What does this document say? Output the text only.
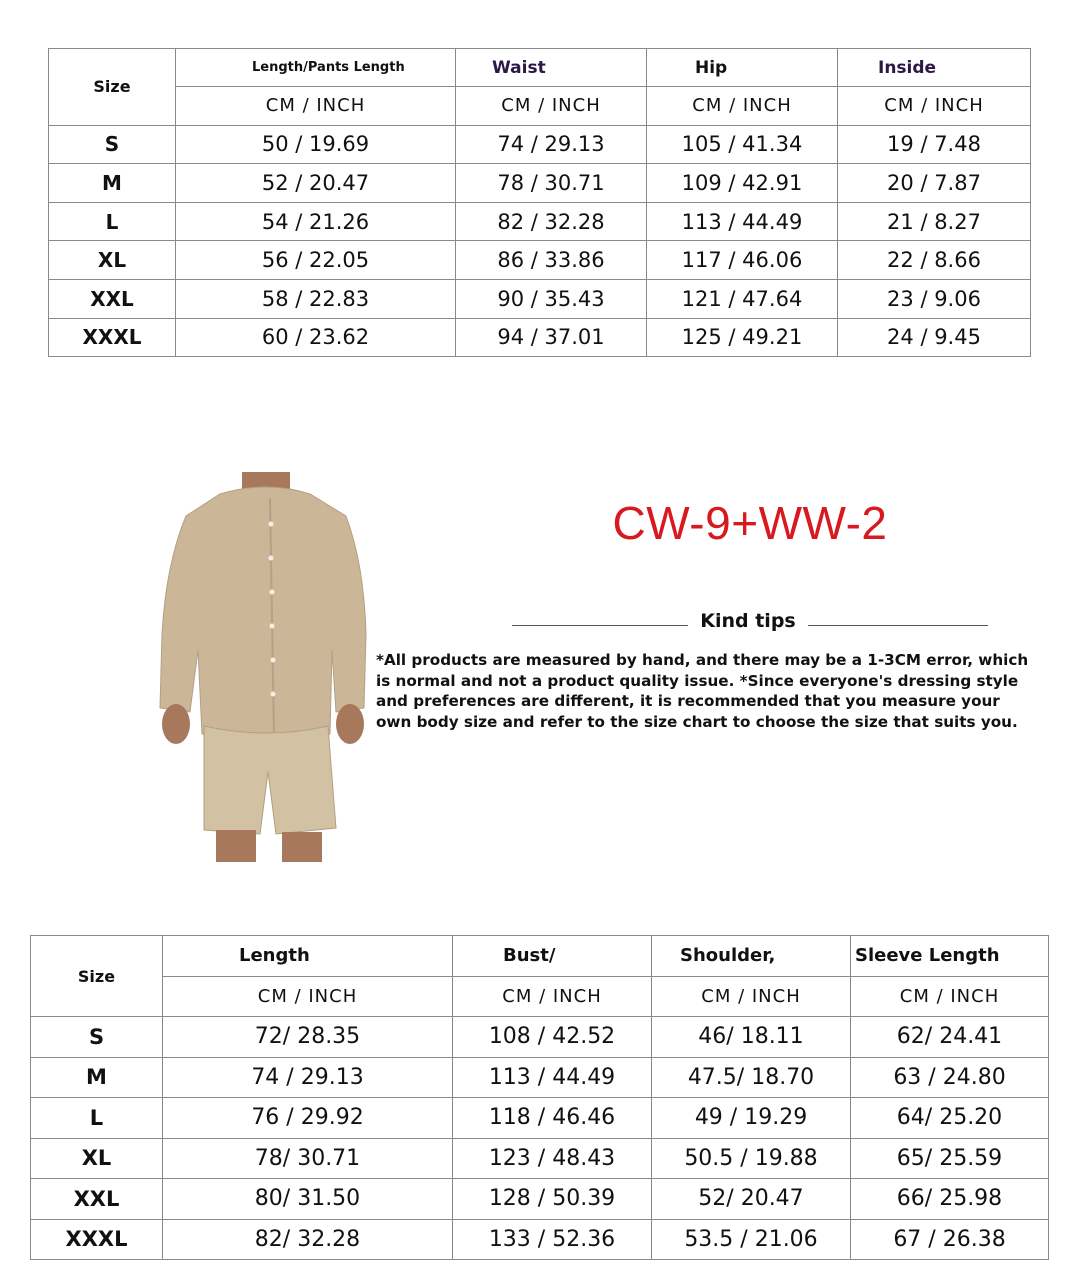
Size	Length/Pants Length	Waist	Hip	Inside
	CM / INCH	CM / INCH	CM / INCH	CM / INCH
S	50 / 19.69	74 / 29.13	105 / 41.34	19 / 7.48
M	52 / 20.47	78 / 30.71	109 / 42.91	20 / 7.87
L	54 / 21.26	82 / 32.28	113 / 44.49	21 / 8.27
XL	56 / 22.05	86 / 33.86	117 / 46.06	22 / 8.66
XXL	58 / 22.83	90 / 35.43	121 / 47.64	23 / 9.06
XXXL	60 / 23.62	94 / 37.01	125 / 49.21	24 / 9.45
CW-9+WW-2
Kind tips
*All products are measured by hand, and there may be a 1-3CM error, which is normal and not a product quality issue. *Since everyone's dressing style and preferences are different, it is recommended that you measure your own body size and refer to the size chart to choose the size that suits you.
Size	Length	Bust/	Shoulder,	Sleeve Length
	CM / INCH	CM / INCH	CM / INCH	CM / INCH
S	72/ 28.35	108 / 42.52	46/ 18.11	62/ 24.41
M	74 / 29.13	113 / 44.49	47.5/ 18.70	63 / 24.80
L	76 / 29.92	118 / 46.46	49 / 19.29	64/ 25.20
XL	78/ 30.71	123 / 48.43	50.5 / 19.88	65/ 25.59
XXL	80/ 31.50	128 / 50.39	52/ 20.47	66/ 25.98
XXXL	82/ 32.28	133 / 52.36	53.5 / 21.06	67 / 26.38
